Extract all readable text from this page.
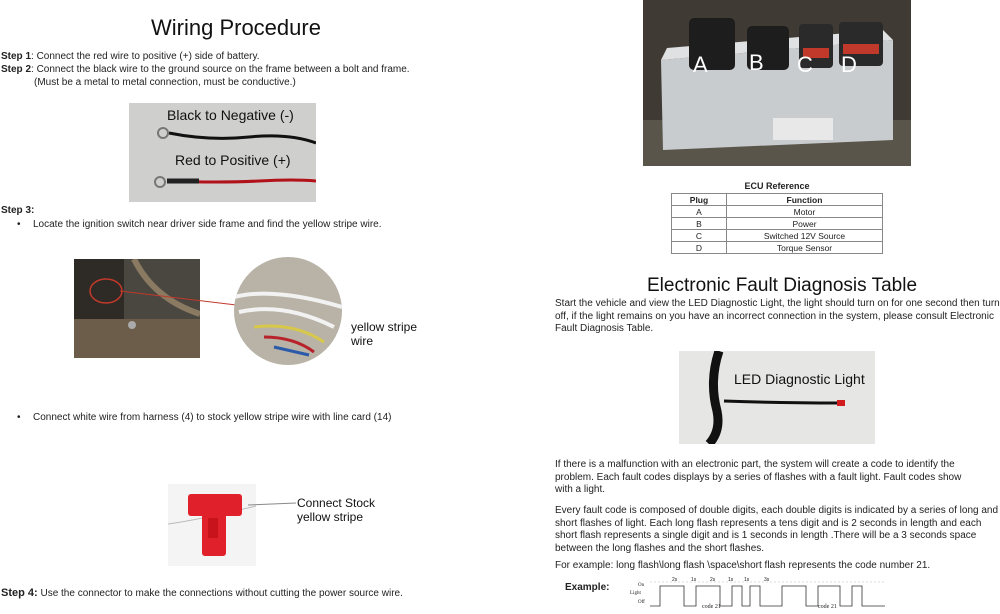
Wiring Procedure
Step 1: Connect the red wire to positive (+) side of battery.
Step 2: Connect the black wire to the ground source on the frame between a bolt and frame.
(Must be a metal to metal connection, must be conductive.)
Black to Negative (-)
Red to Positive (+)
Step 3:
• Locate the ignition switch near driver side frame and find the yellow stripe wire.
yellow stripe
wire
• Connect white wire from harness (4) to stock yellow stripe wire with line card (14)
Connect Stock
yellow stripe
Step 4: Use the connector to make the connections without cutting the power source wire.
A B C D
ECU Reference
Plug	Function
A	Motor
B	Power
C	Switched 12V Source
D	Torque Sensor
Electronic Fault Diagnosis Table
Start the vehicle and view the LED Diagnostic Light, the light should turn on for one second then turn
off, if the light remains on you have an incorrect connection in the system, please consult Electronic
Fault Diagnosis Table.
LED Diagnostic Light
If there is a malfunction with an electronic part, the system will create a code to identify the
problem. Each fault codes displays by a series of flashes with a fault light. Fault codes show
with a light.
Every fault code is composed of double digits, each double digits is indicated by a series of long and
short flashes of light. Each long flash represents a tens digit and is 2 seconds in length and each
short flash represents a single digit and is 1 seconds in length .There will be a 3 seconds space
between the long flashes and the short flashes.
For example: long flash\long flash \space\short flash represents the code number 21.
Example:	On
Light
Off
2s	1s	2s	1s 1s	3s
code 21	code 21
